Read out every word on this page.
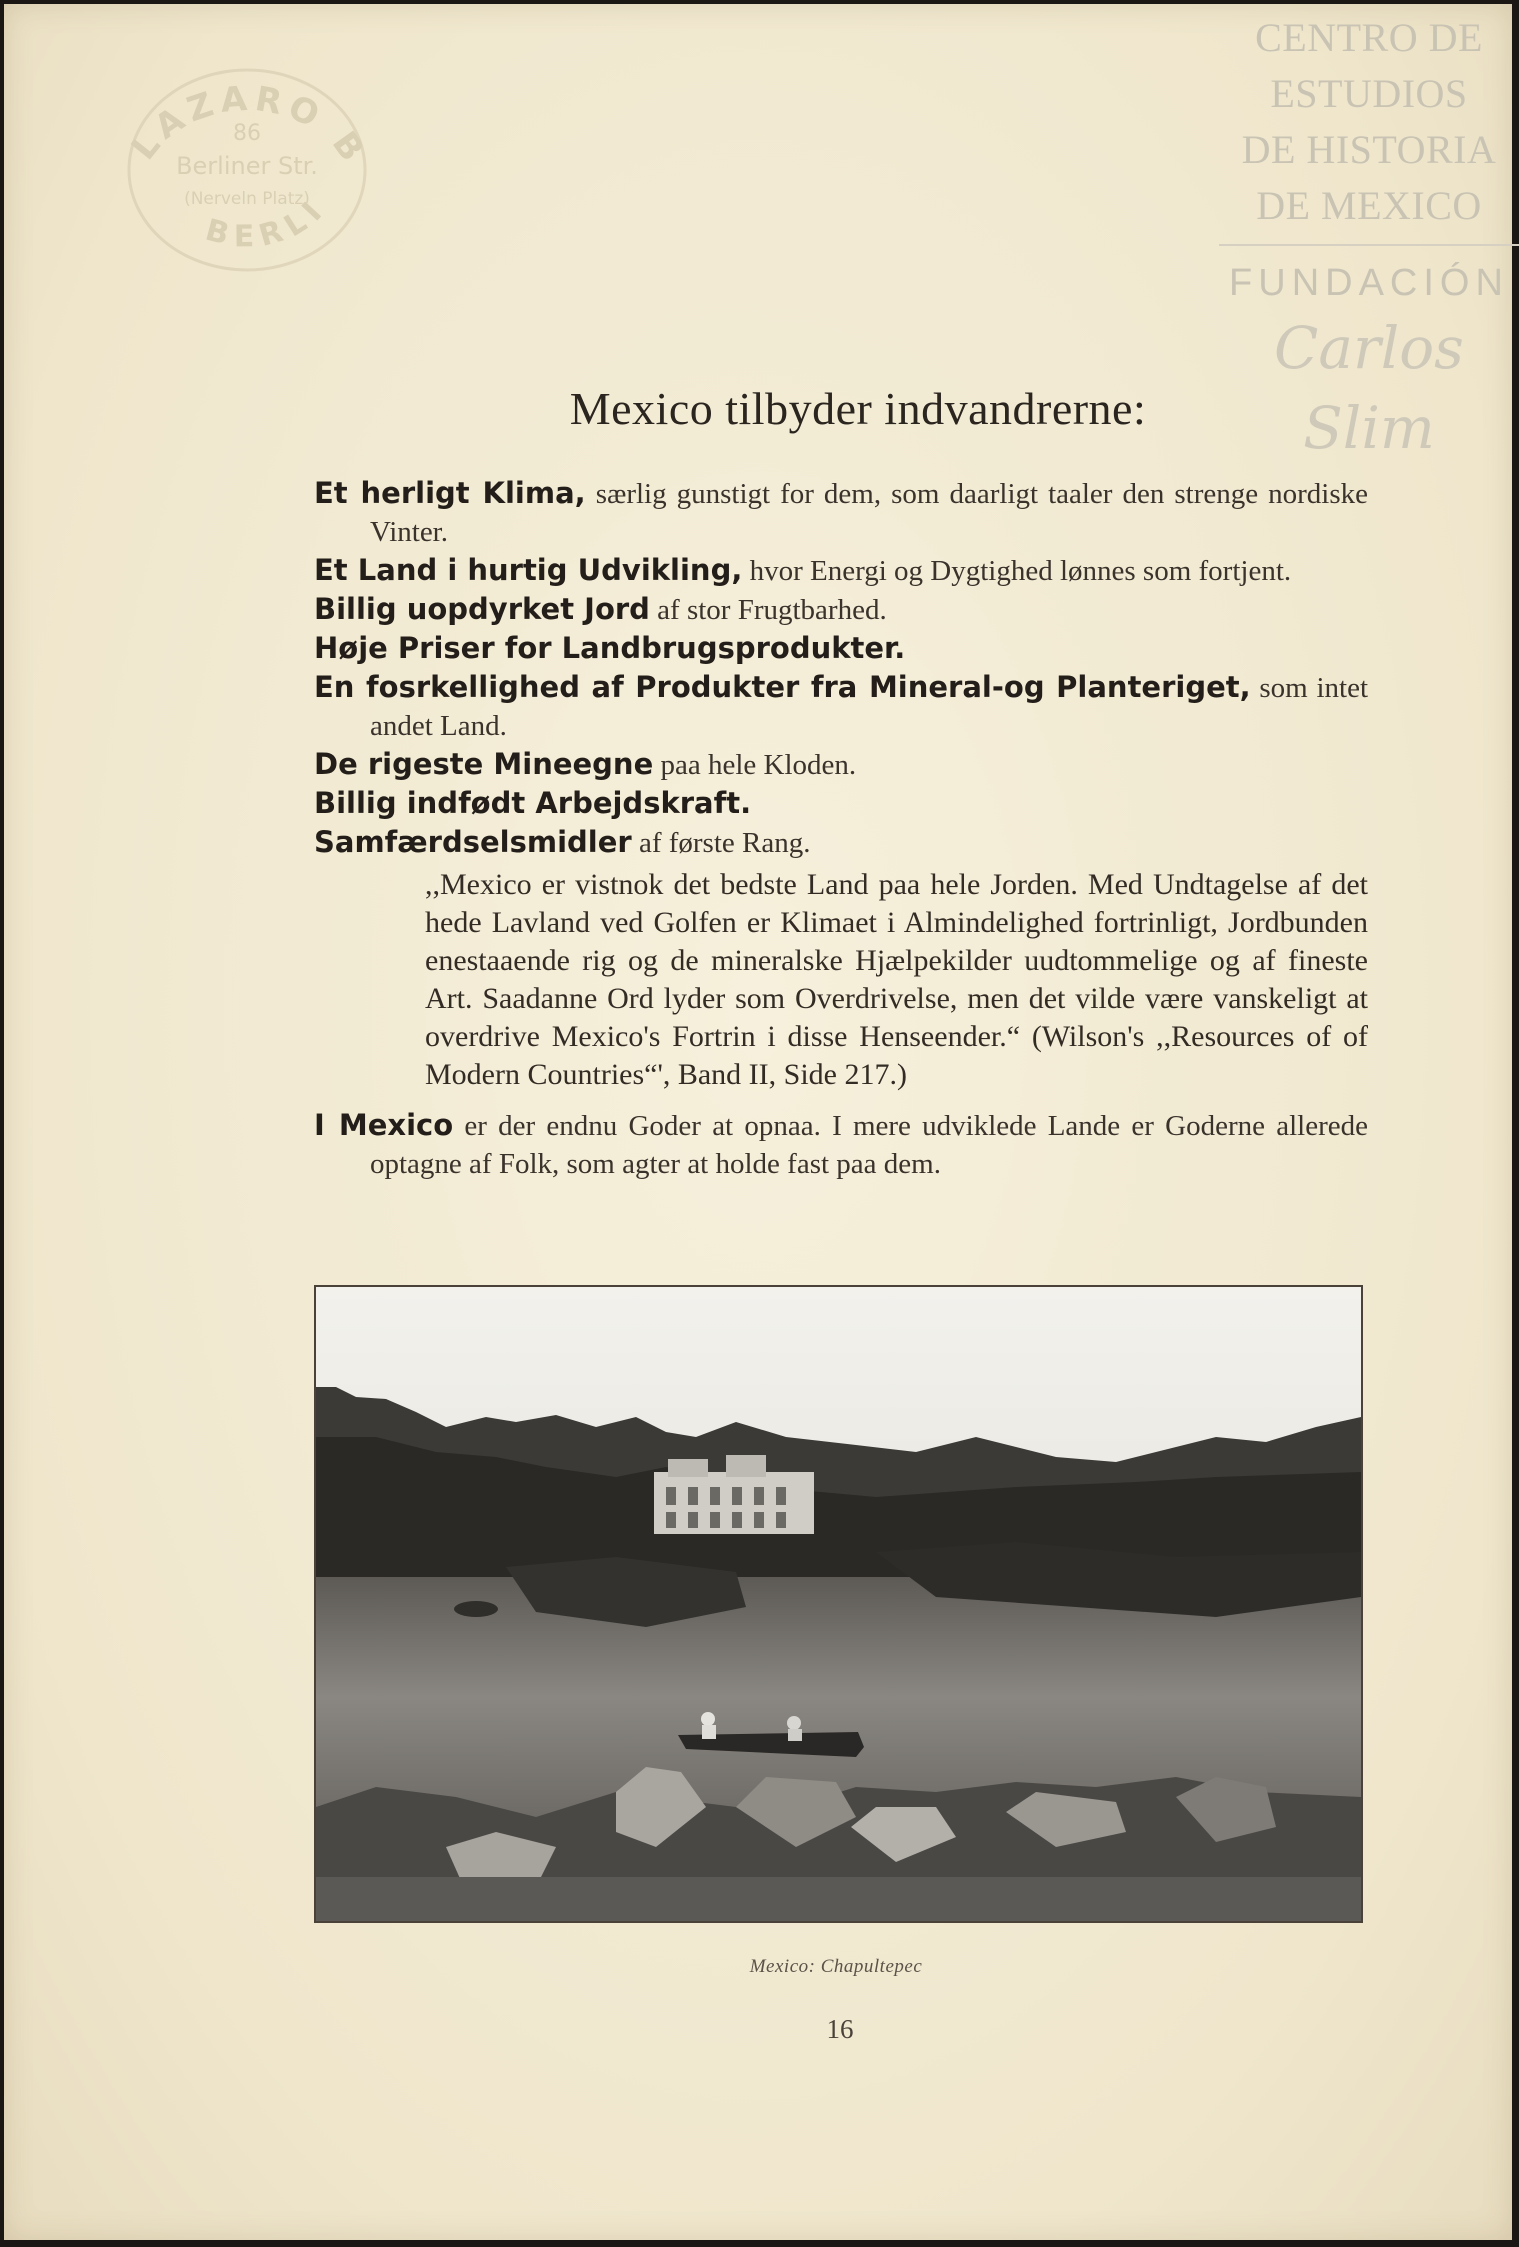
LAZARO B
86
Berliner Str.
(Nerveln Platz)
BERLI
CENTRO DE
ESTUDIOS
DE HISTORIA
DE MEXICO
FUNDACIÓN
Carlos Slim
Mexico tilbyder indvandrerne:

Et herligt Klima, særlig gunstigt for dem, som daarligt taaler den strenge nordiske Vinter.

Et Land i hurtig Udvikling, hvor Energi og Dygtighed lønnes som fortjent.

Billig uopdyrket Jord af stor Frugtbarhed.

Høje Priser for Landbrugsprodukter.

En fosrkellighed af Produkter fra Mineral-og Planteriget, som intet andet Land.

De rigeste Mineegne paa hele Kloden.

Billig indfødt Arbejdskraft.

Samfærdselsmidler af første Rang.

,,Mexico er vistnok det bedste Land paa hele Jorden. Med Undtagelse af det hede Lavland ved Golfen er Klimaet i Almindelighed fortrinligt, Jordbunden enestaaende rig og de mineralske Hjælpekilder uudtommelige og af fineste Art. Saadanne Ord lyder som Overdrivelse, men det vilde være vanskeligt at overdrive Mexico's Fortrin i disse Henseender.“ (Wilson's ,,Resources of of Modern Countries“', Band II, Side 217.)

I Mexico er der endnu Goder at opnaa. I mere udviklede Lande er Goderne allerede optagne af Folk, som agter at holde fast paa dem.

Mexico: Chapultepec
16
